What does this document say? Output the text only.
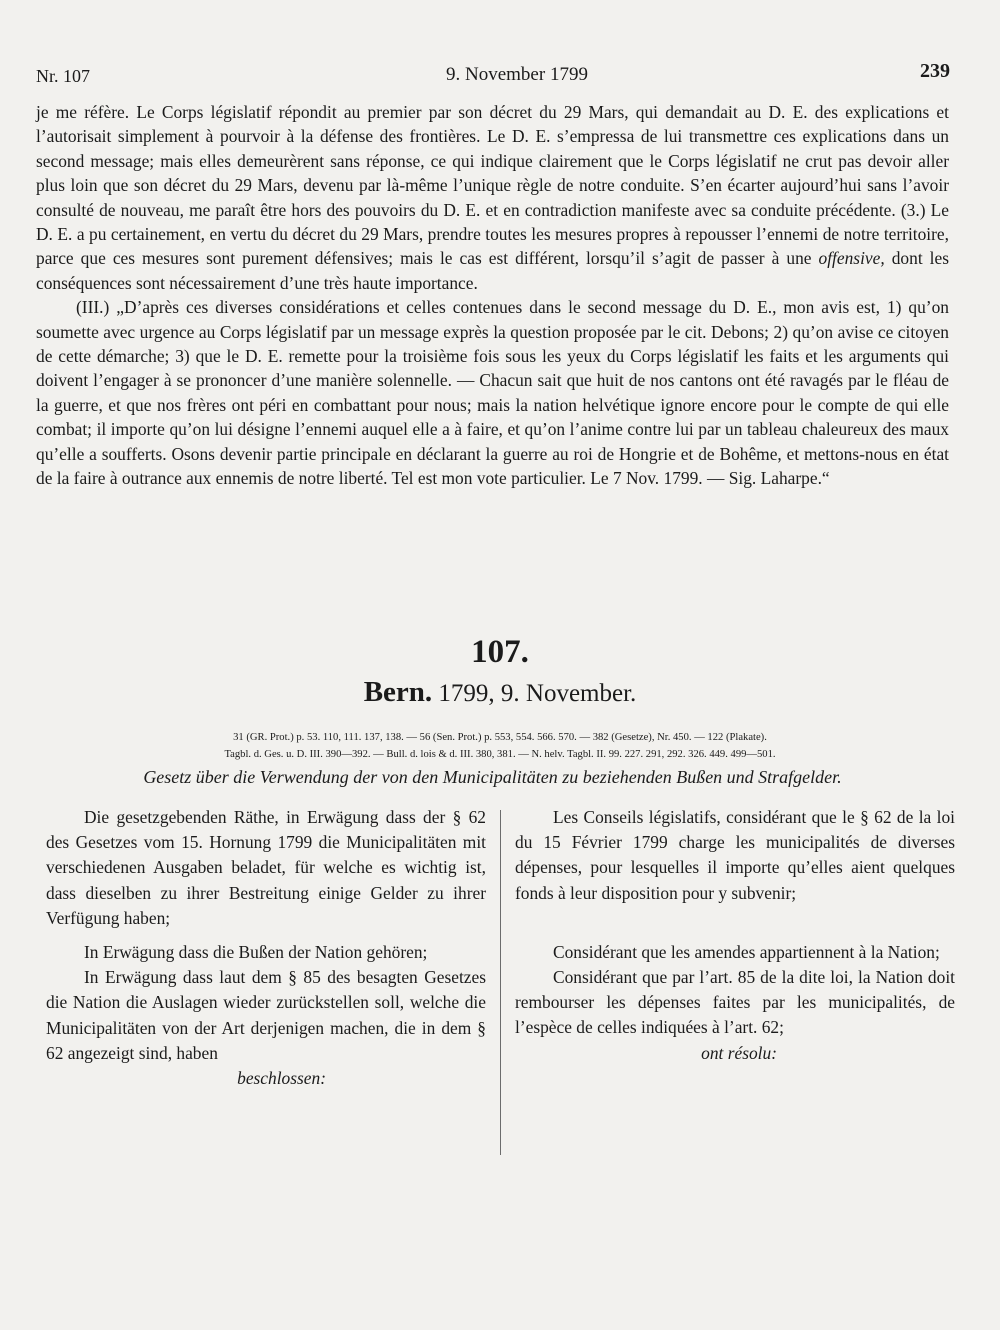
Nr. 107	9. November 1799	239

je me réfère. Le Corps législatif répondit au premier par son décret du 29 Mars, qui demandait au D. E. des explications et l’autorisait simplement à pourvoir à la défense des frontières. Le D. E. s’empressa de lui transmettre ces explications dans un second message; mais elles demeurèrent sans réponse, ce qui indique clairement que le Corps législatif ne crut pas devoir aller plus loin que son décret du 29 Mars, devenu par là-même l’unique règle de notre conduite. S’en écarter aujourd’hui sans l’avoir consulté de nouveau, me paraît être hors des pouvoirs du D. E. et en contradiction manifeste avec sa conduite précédente. (3.) Le D. E. a pu certainement, en vertu du décret du 29 Mars, prendre toutes les mesures propres à repousser l’ennemi de notre territoire, parce que ces mesures sont purement défensives; mais le cas est différent, lorsqu’il s’agit de passer à une offensive, dont les conséquences sont nécessairement d’une très haute importance.

(III.) „D’après ces diverses considérations et celles contenues dans le second message du D. E., mon avis est, 1) qu’on soumette avec urgence au Corps législatif par un message exprès la question proposée par le cit. Debons; 2) qu’on avise ce citoyen de cette démarche; 3) que le D. E. remette pour la troisième fois sous les yeux du Corps législatif les faits et les arguments qui doivent l’engager à se prononcer d’une manière solennelle. — Chacun sait que huit de nos cantons ont été ravagés par le fléau de la guerre, et que nos frères ont péri en combattant pour nous; mais la nation helvétique ignore encore pour le compte de qui elle combat; il importe qu’on lui désigne l’ennemi auquel elle a à faire, et qu’on l’anime contre lui par un tableau chaleureux des maux qu’elle a soufferts. Osons devenir partie principale en déclarant la guerre au roi de Hongrie et de Bohême, et mettons-nous en état de la faire à outrance aux ennemis de notre liberté. Tel est mon vote particulier. Le 7 Nov. 1799. — Sig. Laharpe.“

107.
Bern. 1799, 9. November.
31 (GR. Prot.) p. 53. 110, 111. 137, 138. — 56 (Sen. Prot.) p. 553, 554. 566. 570. — 382 (Gesetze), Nr. 450. — 122 (Plakate).
Tagbl. d. Ges. u. D. III. 390—392. — Bull. d. lois & d. III. 380, 381. — N. helv. Tagbl. II. 99. 227. 291, 292. 326. 449. 499—501.
Gesetz über die Verwendung der von den Municipalitäten zu beziehenden Bußen und Strafgelder.

Die gesetzgebenden Räthe, in Erwägung dass der § 62 des Gesetzes vom 15. Hornung 1799 die Municipalitäten mit verschiedenen Ausgaben beladet, für welche es wichtig ist, dass dieselben zu ihrer Bestreitung einige Gelder zu ihrer Verfügung haben;

In Erwägung dass die Bußen der Nation gehören;

In Erwägung dass laut dem § 85 des besagten Gesetzes die Nation die Auslagen wieder zurückstellen soll, welche die Municipalitäten von der Art derjenigen machen, die in dem § 62 angezeigt sind, haben

beschlossen:

Les Conseils législatifs, considérant que le § 62 de la loi du 15 Février 1799 charge les municipalités de diverses dépenses, pour lesquelles il importe qu’elles aient quelques fonds à leur disposition pour y subvenir;

Considérant que les amendes appartiennent à la Nation;

Considérant que par l’art. 85 de la dite loi, la Nation doit rembourser les dépenses faites par les municipalités, de l’espèce de celles indiquées à l’art. 62;

ont résolu:
